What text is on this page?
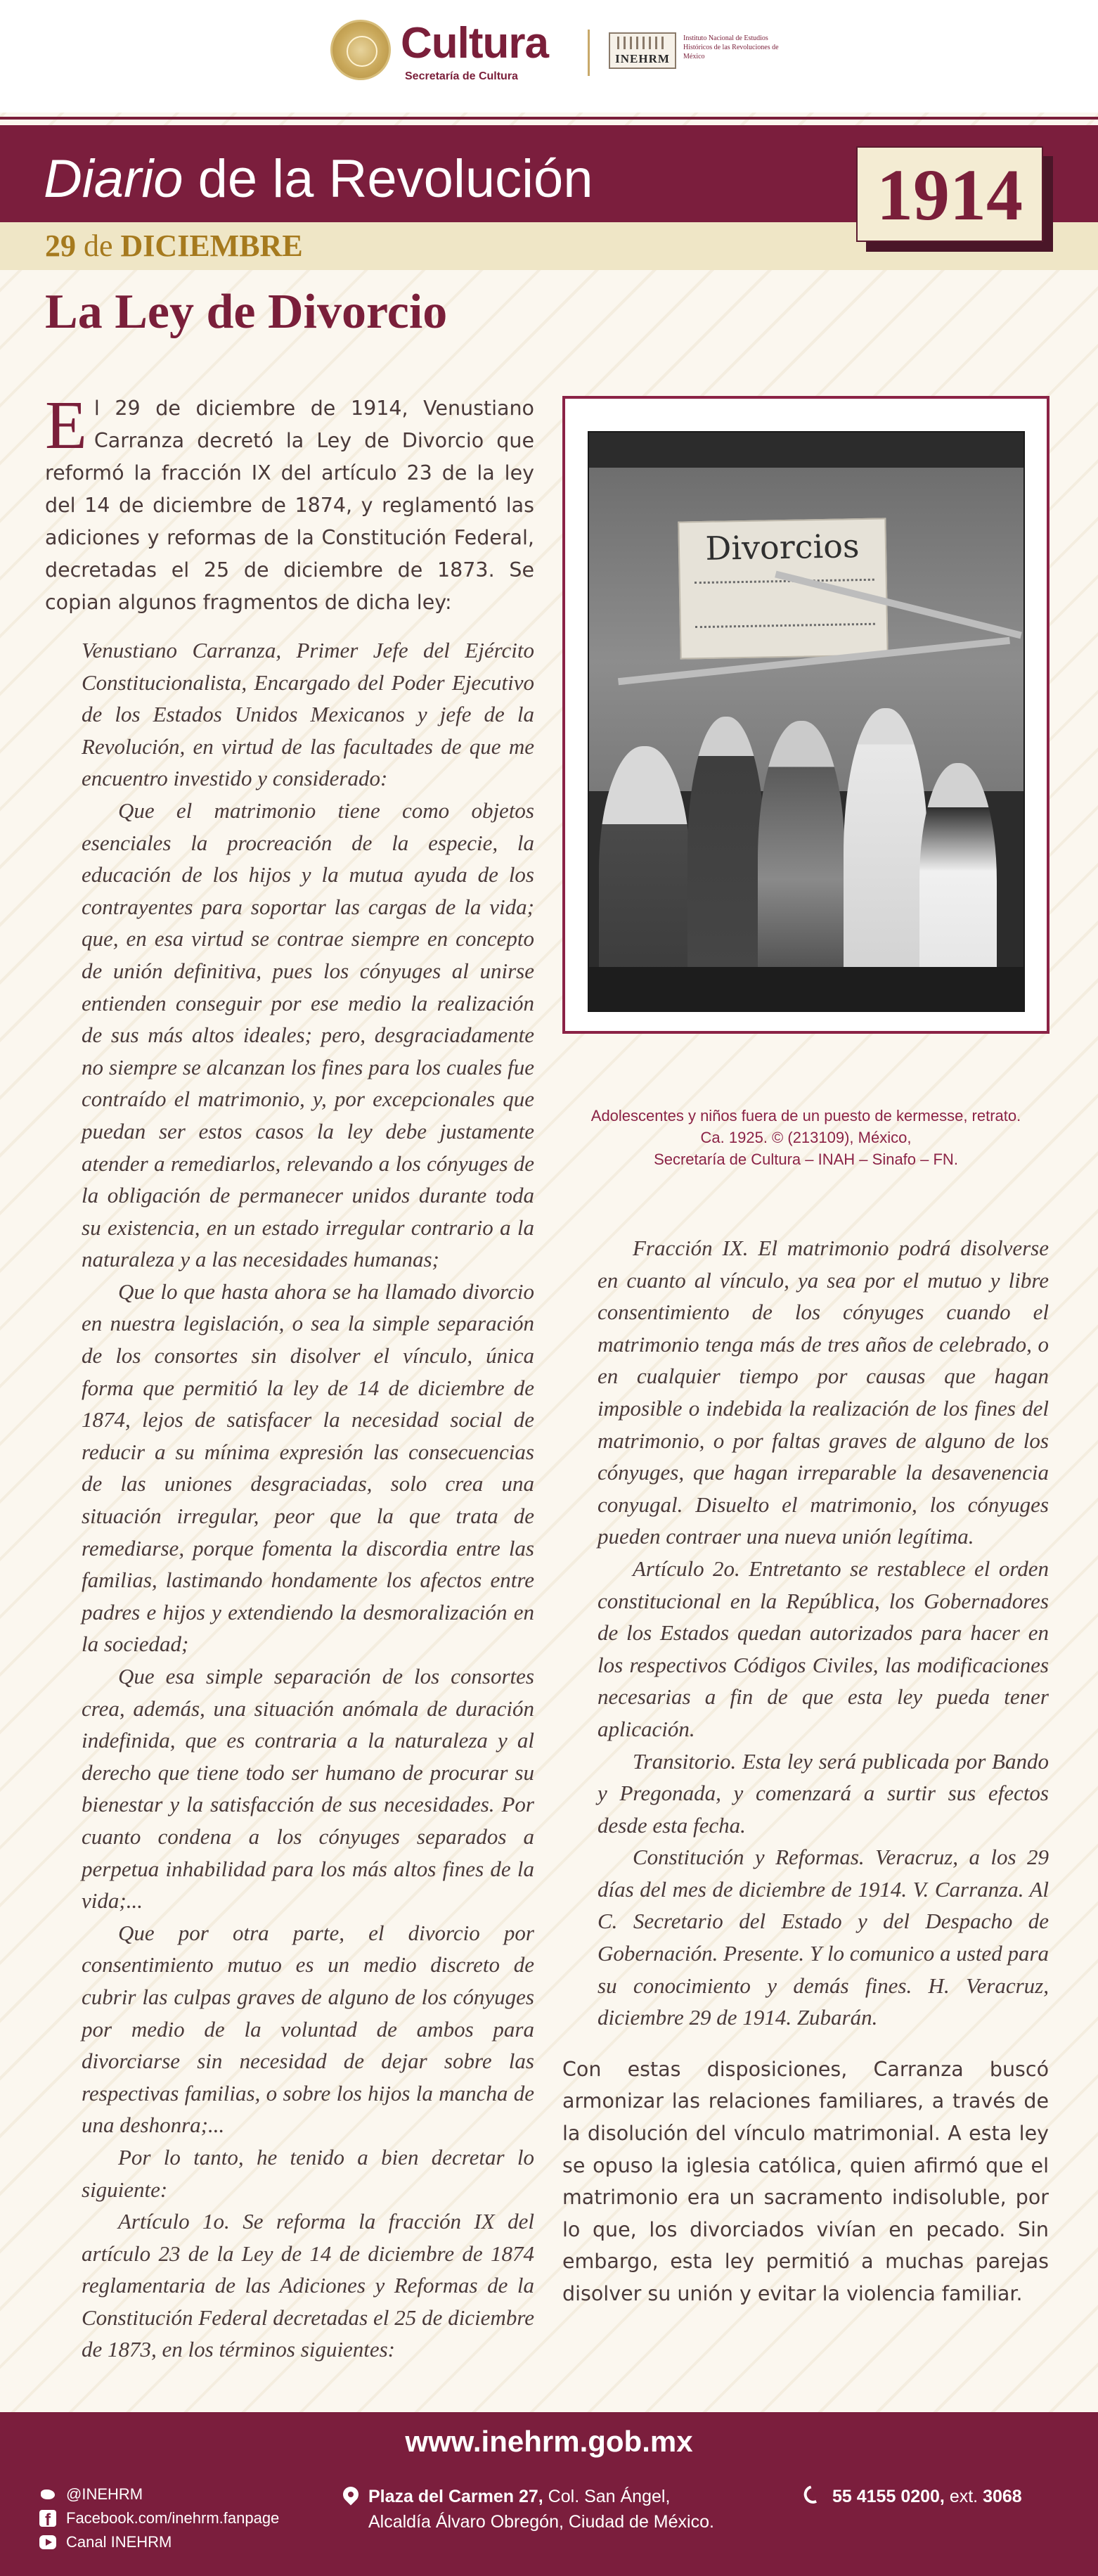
Cultura
Secretaría de Cultura
INEHRM
Instituto Nacional de Estudios Históricos de las Revoluciones de México
Diario de la Revolución
29 de DICIEMBRE
1914
La Ley de Divorcio

El 29 de diciembre de 1914, Venustiano Carranza decretó la Ley de Divorcio que reformó la fracción IX del artículo 23 de la ley del 14 de diciembre de 1874, y reglamentó las adiciones y reformas de la Constitución Federal, decretadas el 25 de diciembre de 1873. Se copian algunos fragmentos de dicha ley:

Venustiano Carranza, Primer Jefe del Ejército Constitucionalista, Encargado del Poder Ejecutivo de los Estados Unidos Mexicanos y jefe de la Revolución, en virtud de las facultades de que me encuentro investido y considerado:

Que el matrimonio tiene como objetos esenciales la procreación de la especie, la educación de los hijos y la mutua ayuda de los contrayentes para soportar las cargas de la vida; que, en esa virtud se contrae siempre en concepto de unión definitiva, pues los cónyuges al unirse entienden conseguir por ese medio la realización de sus más altos ideales; pero, desgraciadamente no siempre se alcanzan los fines para los cuales fue contraído el matrimonio, y, por excepcionales que puedan ser estos casos la ley debe justamente atender a remediarlos, relevando a los cónyuges de la obligación de permanecer unidos durante toda su existencia, en un estado irregular contrario a la naturaleza y a las necesidades humanas;

Que lo que hasta ahora se ha llamado divorcio en nuestra legislación, o sea la simple separación de los consortes sin disolver el vínculo, única forma que permitió la ley de 14 de diciembre de 1874, lejos de satisfacer la necesidad social de reducir a su mínima expresión las consecuencias de las uniones desgraciadas, solo crea una situación irregular, peor que la que trata de remediarse, porque fomenta la discordia entre las familias, lastimando hondamente los afectos entre padres e hijos y extendiendo la desmoralización en la sociedad;

Que esa simple separación de los consortes crea, además, una situación anómala de duración indefinida, que es contraria a la naturaleza y al derecho que tiene todo ser humano de procurar su bienestar y la satisfacción de sus necesidades. Por cuanto condena a los cónyuges separados a perpetua inhabilidad para los más altos fines de la vida;...

Que por otra parte, el divorcio por consentimiento mutuo es un medio discreto de cubrir las culpas graves de alguno de los cónyuges por medio de la voluntad de ambos para divorciarse sin necesidad de dejar sobre las respectivas familias, o sobre los hijos la mancha de una deshonra;...

Por lo tanto, he tenido a bien decretar lo siguiente:

Artículo 1o. Se reforma la fracción IX del artículo 23 de la Ley de 14 de diciembre de 1874 reglamentaria de las Adiciones y Reformas de la Constitución Federal decretadas el 25 de diciembre de 1873, en los términos siguientes:

Divorcios
Adolescentes y niños fuera de un puesto de kermesse, retrato.
Ca. 1925. © (213109), México,
Secretaría de Cultura – INAH – Sinafo – FN.

Fracción IX. El matrimonio podrá disolverse en cuanto al vínculo, ya sea por el mutuo y libre consentimiento de los cónyuges cuando el matrimonio tenga más de tres años de celebrado, o en cualquier tiempo por causas que hagan imposible o indebida la realización de los fines del matrimonio, o por faltas graves de alguno de los cónyuges, que hagan irreparable la desavenencia conyugal. Disuelto el matrimonio, los cónyuges pueden contraer una nueva unión legítima.

Artículo 2o. Entretanto se restablece el orden constitucional en la República, los Gobernadores de los Estados quedan autorizados para hacer en los respectivos Códigos Civiles, las modificaciones necesarias a fin de que esta ley pueda tener aplicación.

Transitorio. Esta ley será publicada por Bando y Pregonada, y comenzará a surtir sus efectos desde esta fecha.

Constitución y Reformas. Veracruz, a los 29 días del mes de diciembre de 1914. V. Carranza. Al C. Secretario del Estado y del Despacho de Gobernación. Presente. Y lo comunico a usted para su conocimiento y demás fines. H. Veracruz, diciembre 29 de 1914. Zubarán.

Con estas disposiciones, Carranza buscó armonizar las relaciones familiares, a través de la disolución del vínculo matrimonial. A esta ley se opuso la iglesia católica, quien afirmó que el matrimonio era un sacramento indisoluble, por lo que, los divorciados vivían en pecado. Sin embargo, esta ley permitió a muchas parejas disolver su unión y evitar la violencia familiar.

www.inehrm.gob.mx
@INEHRM
f
Facebook.com/inehrm.fanpage
Canal INEHRM
Plaza del Carmen 27, Col. San Ángel,
Alcaldía Álvaro Obregón, Ciudad de México.
55 4155 0200, ext. 3068
